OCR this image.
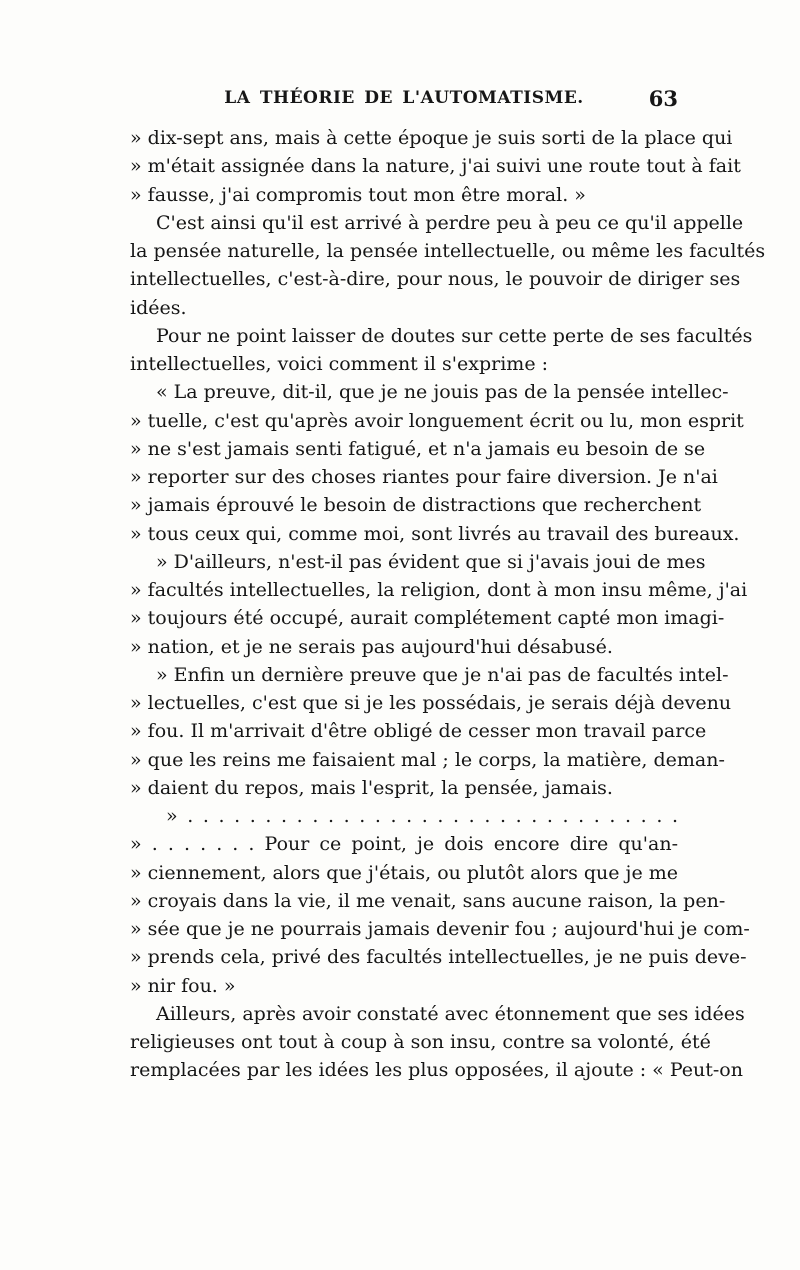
LA THÉORIE DE L'AUTOMATISME.	63
» dix-sept ans, mais à cette époque je suis sorti de la place qui
» m'était assignée dans la nature, j'ai suivi une route tout à fait
» fausse, j'ai compromis tout mon être moral. »
C'est ainsi qu'il est arrivé à perdre peu à peu ce qu'il appelle
la pensée naturelle, la pensée intellectuelle, ou même les facultés
intellectuelles, c'est-à-dire, pour nous, le pouvoir de diriger ses
idées.
Pour ne point laisser de doutes sur cette perte de ses facultés
intellectuelles, voici comment il s'exprime :
« La preuve, dit-il, que je ne jouis pas de la pensée intellec-
» tuelle, c'est qu'après avoir longuement écrit ou lu, mon esprit
» ne s'est jamais senti fatigué, et n'a jamais eu besoin de se
» reporter sur des choses riantes pour faire diversion. Je n'ai
» jamais éprouvé le besoin de distractions que recherchent
» tous ceux qui, comme moi, sont livrés au travail des bureaux.
» D'ailleurs, n'est-il pas évident que si j'avais joui de mes
» facultés intellectuelles, la religion, dont à mon insu même, j'ai
» toujours été occupé, aurait complétement capté mon imagi-
» nation, et je ne serais pas aujourd'hui désabusé.
» Enfin un dernière preuve que je n'ai pas de facultés intel-
» lectuelles, c'est que si je les possédais, je serais déjà devenu
» fou. Il m'arrivait d'être obligé de cesser mon travail parce
» que les reins me faisaient mal ; le corps, la matière, deman-
» daient du repos, mais l'esprit, la pensée, jamais.
» . . . . . . . . . . . . . . . . . . . . . . . . . . . . . . . .
» . . . . . . . Pour ce point, je dois encore dire qu'an-
» ciennement, alors que j'étais, ou plutôt alors que je me
» croyais dans la vie, il me venait, sans aucune raison, la pen-
» sée que je ne pourrais jamais devenir fou ; aujourd'hui je com-
» prends cela, privé des facultés intellectuelles, je ne puis deve-
» nir fou. »
Ailleurs, après avoir constaté avec étonnement que ses idées
religieuses ont tout à coup à son insu, contre sa volonté, été
remplacées par les idées les plus opposées, il ajoute : « Peut-on
